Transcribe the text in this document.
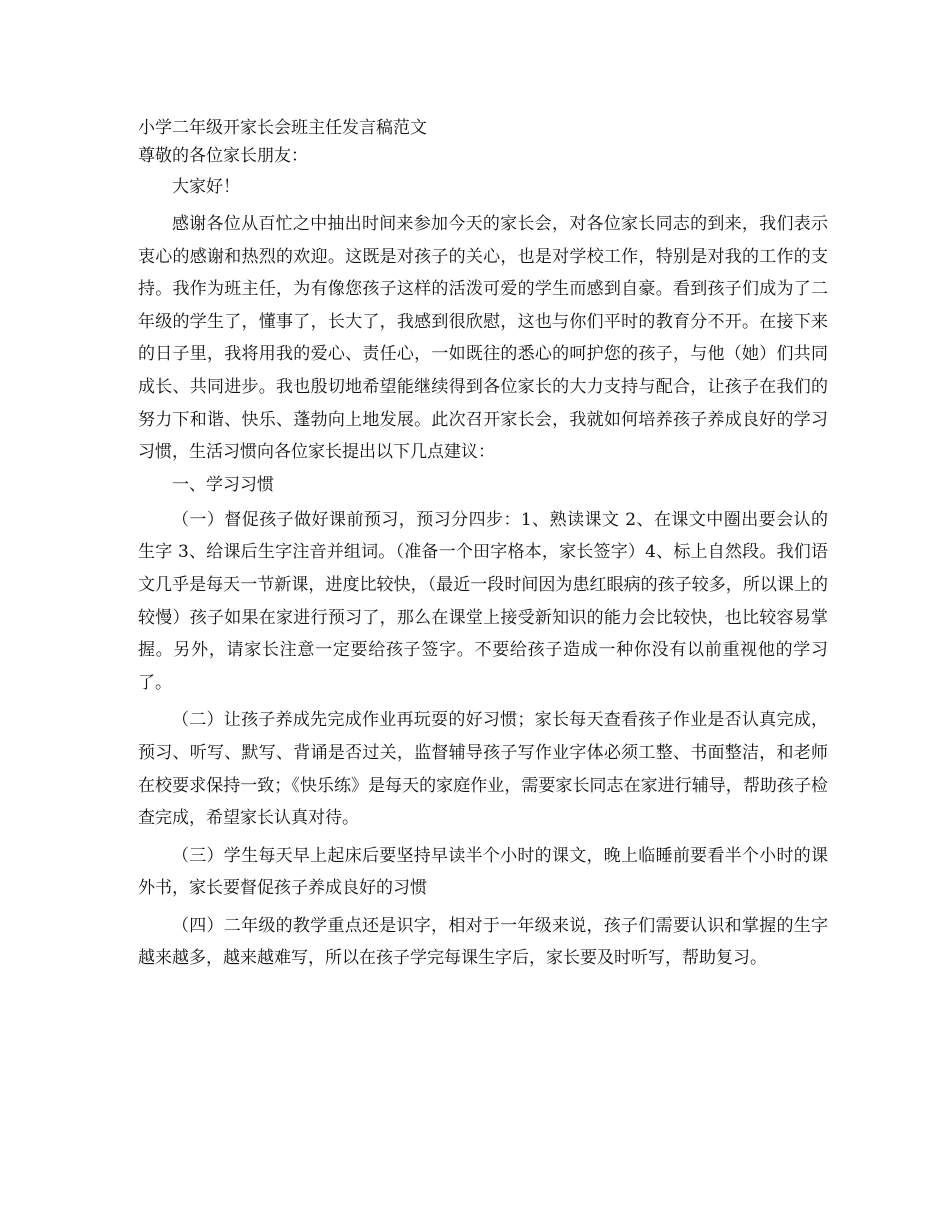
小学二年级开家长会班主任发言稿范文
尊敬的各位家长朋友：

大家好！

感谢各位从百忙之中抽出时间来参加今天的家长会，对各位家长同志的到来，我们表示衷心的感谢和热烈的欢迎。这既是对孩子的关心，也是对学校工作，特别是对我的工作的支持。我作为班主任，为有像您孩子这样的活泼可爱的学生而感到自豪。看到孩子们成为了二年级的学生了，懂事了，长大了，我感到很欣慰，这也与你们平时的教育分不开。在接下来的日子里，我将用我的爱心、责任心，一如既往的悉心的呵护您的孩子，与他（她）们共同成长、共同进步。我也殷切地希望能继续得到各位家长的大力支持与配合，让孩子在我们的努力下和谐、快乐、蓬勃向上地发展。此次召开家长会，我就如何培养孩子养成良好的学习习惯，生活习惯向各位家长提出以下几点建议：

一、学习习惯

（一）督促孩子做好课前预习，预习分四步：1、熟读课文 2、在课文中圈出要会认的生字 3、给课后生字注音并组词。（准备一个田字格本，家长签字）4、标上自然段。我们语文几乎是每天一节新课，进度比较快，（最近一段时间因为患红眼病的孩子较多，所以课上的较慢）孩子如果在家进行预习了，那么在课堂上接受新知识的能力会比较快，也比较容易掌握。另外，请家长注意一定要给孩子签字。不要给孩子造成一种你没有以前重视他的学习了。

（二）让孩子养成先完成作业再玩耍的好习惯；家长每天查看孩子作业是否认真完成，预习、听写、默写、背诵是否过关，监督辅导孩子写作业字体必须工整、书面整洁，和老师在校要求保持一致；《快乐练》是每天的家庭作业，需要家长同志在家进行辅导，帮助孩子检查完成，希望家长认真对待。

（三）学生每天早上起床后要坚持早读半个小时的课文，晚上临睡前要看半个小时的课外书，家长要督促孩子养成良好的习惯

（四）二年级的教学重点还是识字，相对于一年级来说，孩子们需要认识和掌握的生字越来越多，越来越难写，所以在孩子学完每课生字后，家长要及时听写，帮助复习。
